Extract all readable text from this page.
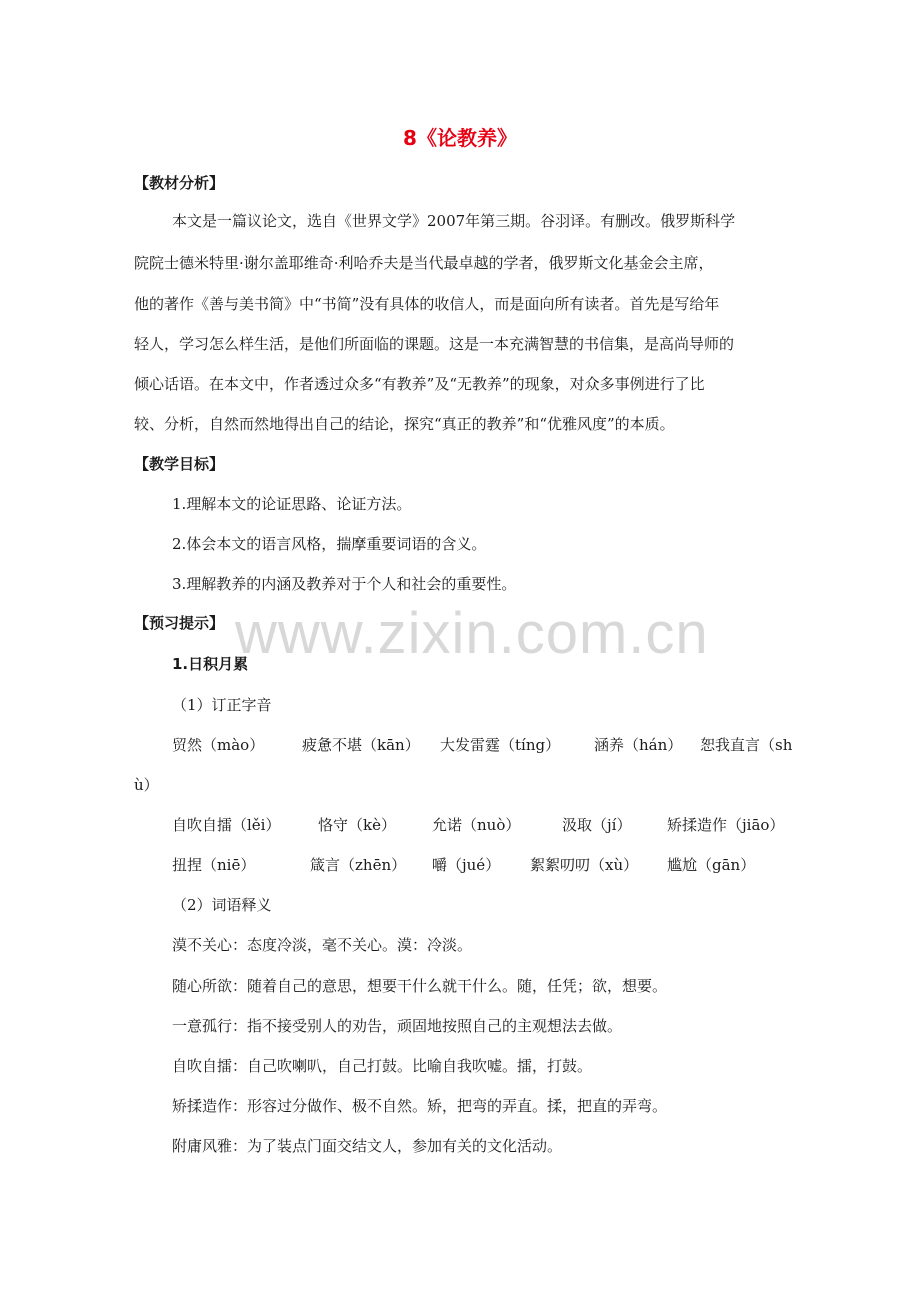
www.zixin.com.cn
8《论教养》
【教材分析】
本文是一篇议论文，选自《世界文学》2007年第三期。谷羽译。有删改。俄罗斯科学
院院士德米特里·谢尔盖耶维奇·利哈乔夫是当代最卓越的学者，俄罗斯文化基金会主席，
他的著作《善与美书简》中“书简”没有具体的收信人，而是面向所有读者。首先是写给年
轻人，学习怎么样生活，是他们所面临的课题。这是一本充满智慧的书信集，是高尚导师的
倾心话语。在本文中，作者透过众多“有教养”及“无教养”的现象，对众多事例进行了比
较、分析，自然而然地得出自己的结论，探究“真正的教养”和“优雅风度”的本质。
【教学目标】
1.理解本文的论证思路、论证方法。
2.体会本文的语言风格，揣摩重要词语的含义。
3.理解教养的内涵及教养对于个人和社会的重要性。
【预习提示】
1.日积月累
（1）订正字音
贸然（mào）	疲惫不堪（kān） 大发雷霆（tíng） 涵养（hán） 恕我直言（sh
ù）
自吹自擂（lěi）	恪守（kè） 允诺（nuò）	汲取（jí） 矫揉造作（jiāo）
扭捏（niē）	箴言（zhēn） 嚼（jué） 絮絮叨叨（xù） 尴尬（gān）
（2）词语释义
漠不关心：态度冷淡，毫不关心。漠：冷淡。
随心所欲：随着自己的意思，想要干什么就干什么。随，任凭；欲，想要。
一意孤行：指不接受别人的劝告，顽固地按照自己的主观想法去做。
自吹自擂：自己吹喇叭，自己打鼓。比喻自我吹嘘。擂，打鼓。
矫揉造作：形容过分做作、极不自然。矫，把弯的弄直。揉，把直的弄弯。
附庸风雅：为了装点门面交结文人，参加有关的文化活动。
